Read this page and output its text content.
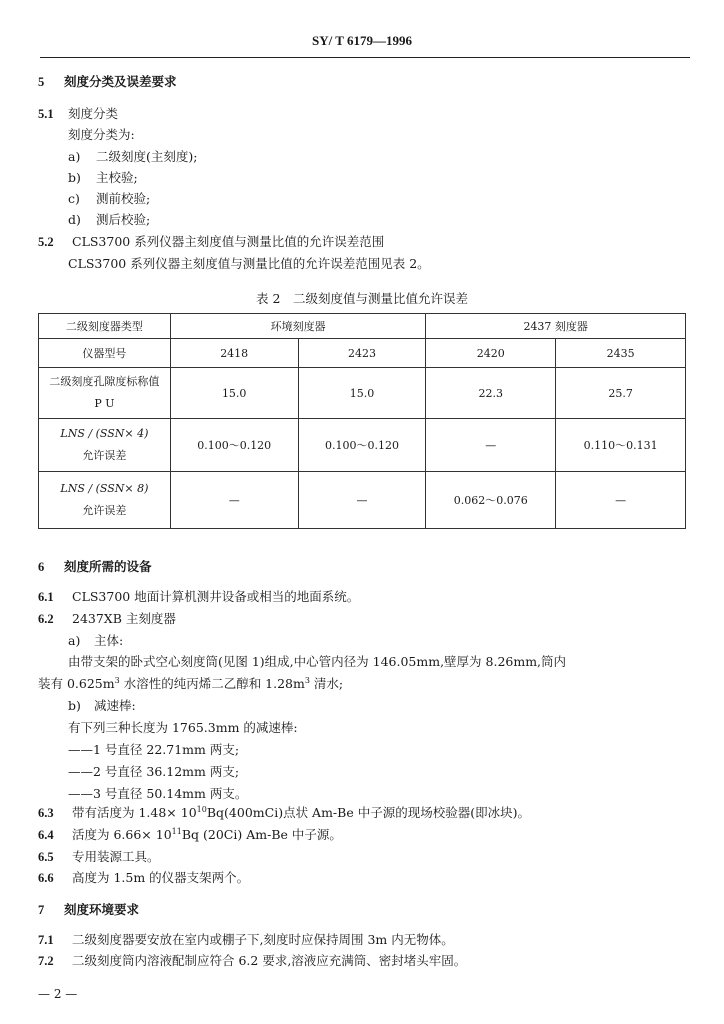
SY/ T 6179—1996
5 刻度分类及误差要求
5.1 刻度分类
刻度分类为:
a) 二级刻度(主刻度);
b) 主校验;
c) 测前校验;
d) 测后校验;
5.2 CLS3700 系列仪器主刻度值与测量比值的允许误差范围
CLS3700 系列仪器主刻度值与测量比值的允许误差范围见表 2。
表 2　二级刻度值与测量比值允许误差
二级刻度器类型	环境刻度器		2437 刻度器	
仪器型号	2418	2423	2420	2435

二级刻度孔隙度标称值
P U	15.0	15.0	22.3	25.7

LNS / (SSN× 4)
允许误差	0.100～0.120	0.100～0.120	—	0.110～0.131

LNS / (SSN× 8)
允许误差	—	—	0.062～0.076	—
6 刻度所需的设备
6.1 CLS3700 地面计算机测井设备或相当的地面系统。
6.2 2437XB 主刻度器
a) 主体:
由带支架的卧式空心刻度筒(见图 1)组成,中心管内径为 146.05mm,壁厚为 8.26mm,筒内
装有 $0.625m^3$ 水溶性的纯丙烯二乙醇和 $1.28m^3$ 清水;
b) 减速棒:
有下列三种长度为 1765.3mm 的减速棒:
——1 号直径 22.71mm 两支;
——2 号直径 36.12mm 两支;
——3 号直径 50.14mm 两支。
6.3 带有活度为 $1.48\times 10^{10}Bq(400mCi)$点状 Am-Be 中子源的现场校验器(即冰块)。
6.4 活度为 $6.66\times 10^{11}Bq$ (20Ci) Am-Be 中子源。
6.5 专用装源工具。
6.6 高度为 1.5m 的仪器支架两个。
7 刻度环境要求
7.1 二级刻度器要安放在室内或棚子下,刻度时应保持周围 3m 内无物体。
7.2 二级刻度筒内溶液配制应符合 6.2 要求,溶液应充满筒、密封堵头牢固。
— 2 —
